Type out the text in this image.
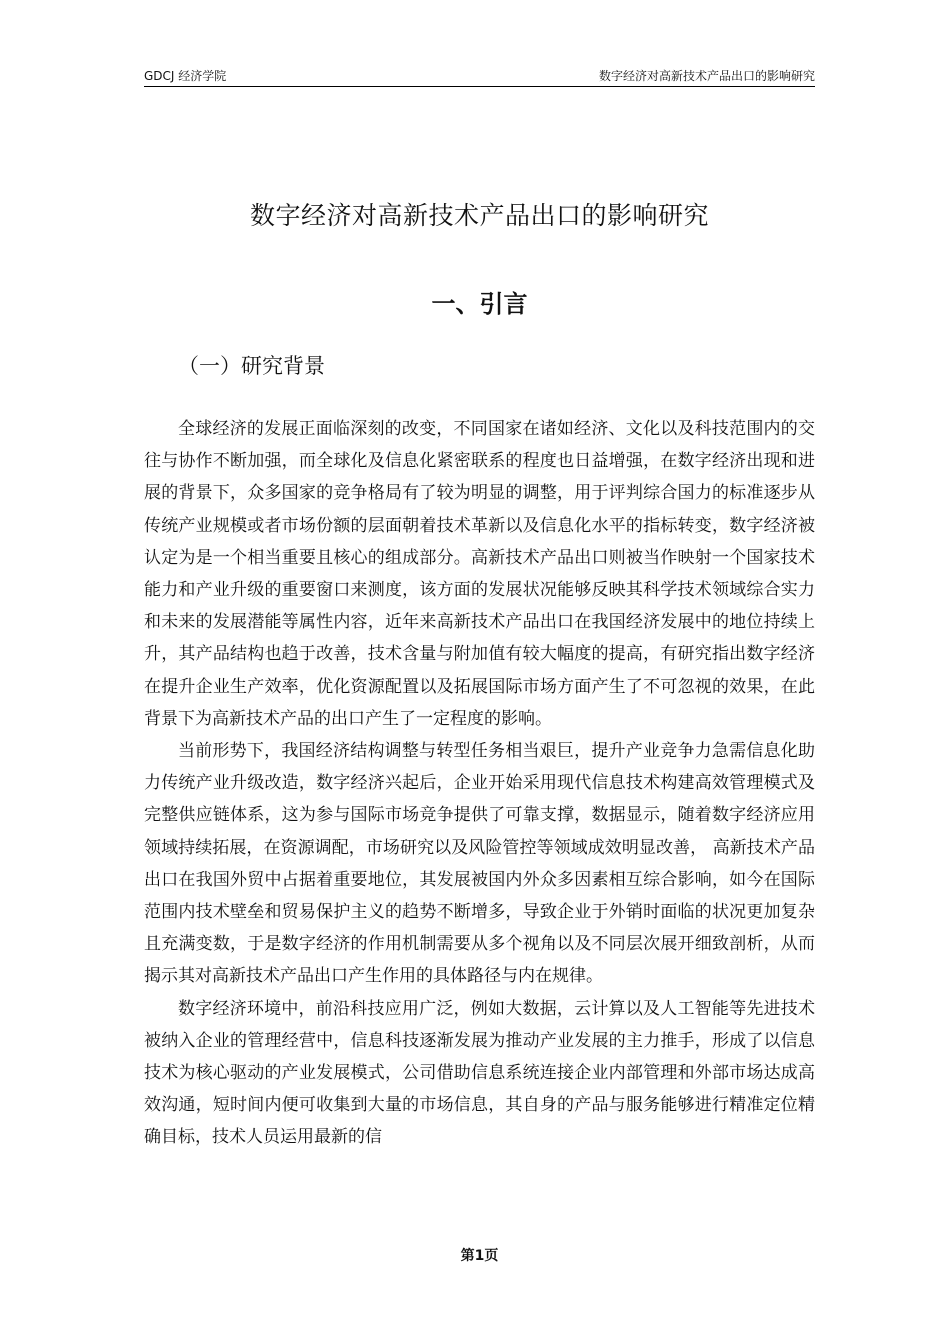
GDCJ 经济学院	数字经济对高新技术产品出口的影响研究
数字经济对高新技术产品出口的影响研究
一、引言
（一）研究背景

全球经济的发展正面临深刻的改变，不同国家在诸如经济、文化以及科技范围内的交往与协作不断加强，而全球化及信息化紧密联系的程度也日益增强，在数字经济出现和进展的背景下，众多国家的竞争格局有了较为明显的调整，用于评判综合国力的标准逐步从传统产业规模或者市场份额的层面朝着技术革新以及信息化水平的指标转变，数字经济被认定为是一个相当重要且核心的组成部分。高新技术产品出口则被当作映射一个国家技术能力和产业升级的重要窗口来测度，该方面的发展状况能够反映其科学技术领域综合实力和未来的发展潜能等属性内容，近年来高新技术产品出口在我国经济发展中的地位持续上升，其产品结构也趋于改善，技术含量与附加值有较大幅度的提高，有研究指出数字经济在提升企业生产效率，优化资源配置以及拓展国际市场方面产生了不可忽视的效果，在此背景下为高新技术产品的出口产生了一定程度的影响。

当前形势下，我国经济结构调整与转型任务相当艰巨，提升产业竞争力急需信息化助力传统产业升级改造，数字经济兴起后，企业开始采用现代信息技术构建高效管理模式及完整供应链体系，这为参与国际市场竞争提供了可靠支撑，数据显示，随着数字经济应用领域持续拓展，在资源调配，市场研究以及风险管控等领域成效明显改善， 高新技术产品出口在我国外贸中占据着重要地位，其发展被国内外众多因素相互综合影响，如今在国际范围内技术壁垒和贸易保护主义的趋势不断增多，导致企业于外销时面临的状况更加复杂且充满变数，于是数字经济的作用机制需要从多个视角以及不同层次展开细致剖析，从而揭示其对高新技术产品出口产生作用的具体路径与内在规律。

数字经济环境中，前沿科技应用广泛，例如大数据，云计算以及人工智能等先进技术被纳入企业的管理经营中，信息科技逐渐发展为推动产业发展的主力推手，形成了以信息技术为核心驱动的产业发展模式，公司借助信息系统连接企业内部管理和外部市场达成高效沟通，短时间内便可收集到大量的市场信息，其自身的产品与服务能够进行精准定位精确目标，技术人员运用最新的信

第1页
